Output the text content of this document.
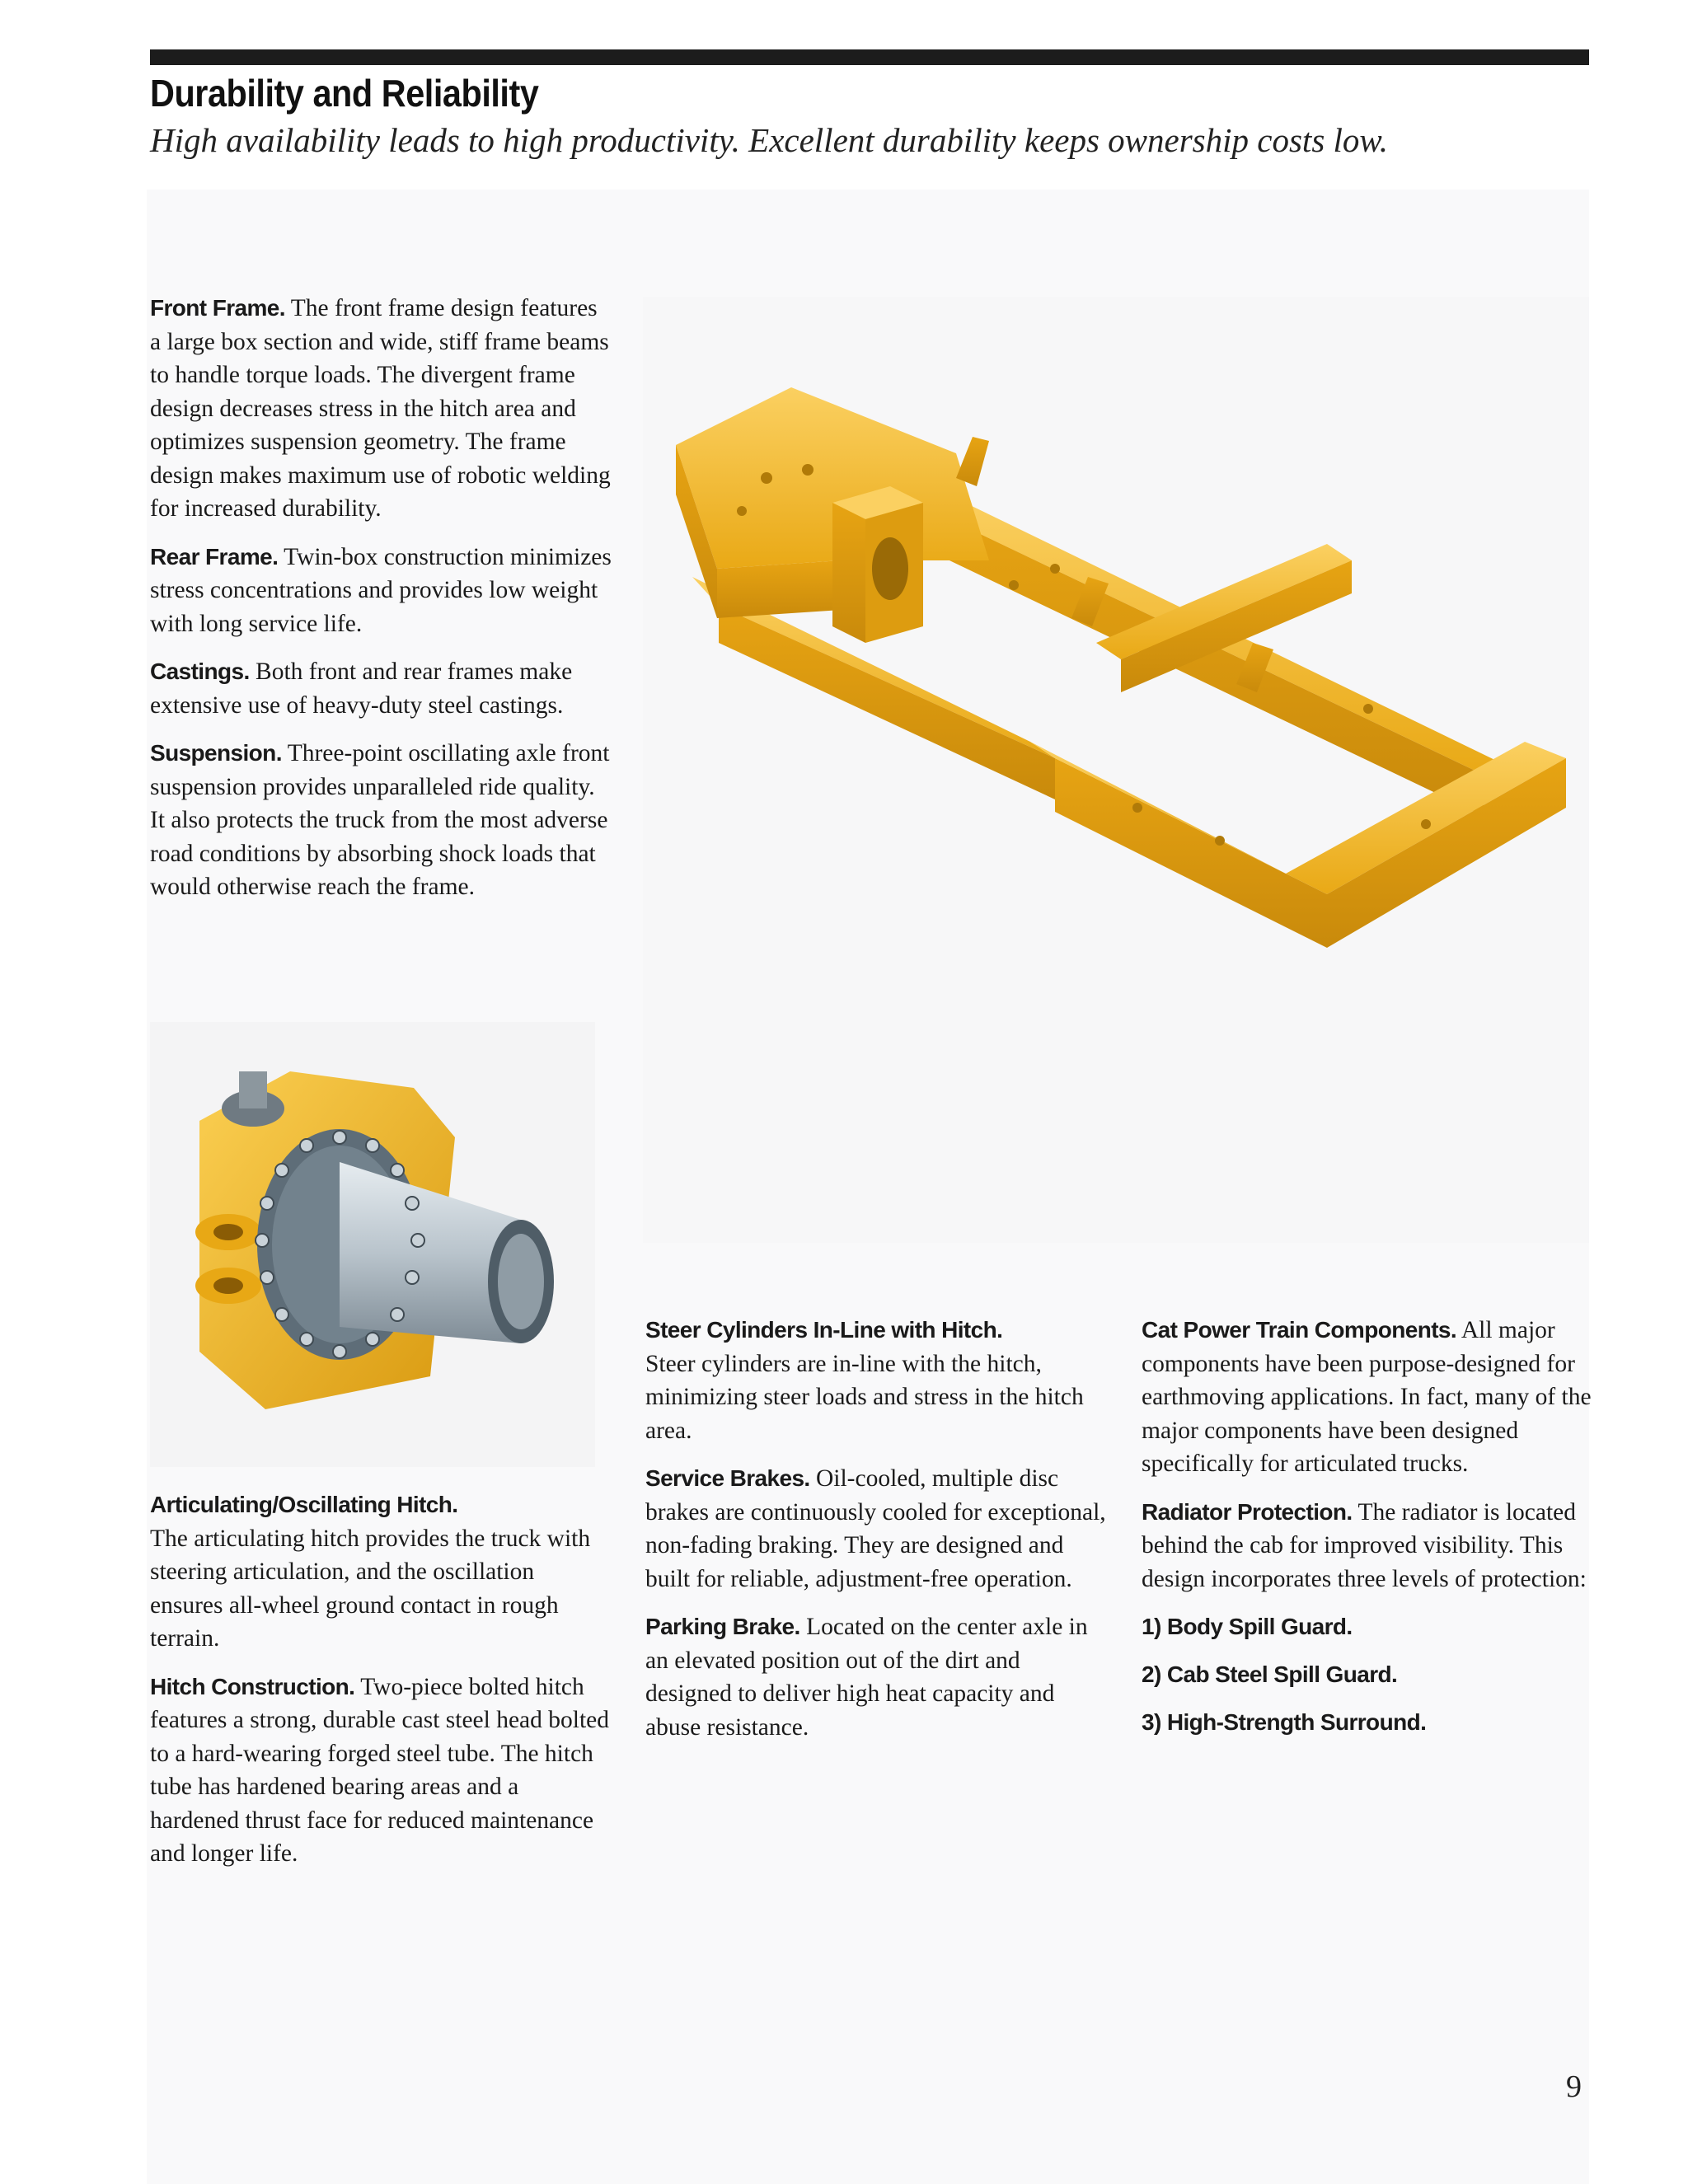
Durability and Reliability

High availability leads to high productivity. Excellent durability keeps ownership costs low.

Front Frame. The front frame design features a large box section and wide, stiff frame beams to handle torque loads. The divergent frame design decreases stress in the hitch area and optimizes suspension geometry. The frame design makes maximum use of robotic welding for increased durability.

Rear Frame. Twin-box construction minimizes stress concentrations and provides low weight with long service life.

Castings. Both front and rear frames make extensive use of heavy-duty steel castings.

Suspension. Three-point oscillating axle front suspension provides unparalleled ride quality. It also protects the truck from the most adverse road conditions by absorbing shock loads that would otherwise reach the frame.

Articulating/Oscillating Hitch.
The articulating hitch provides the truck with steering articulation, and the oscillation ensures all-wheel ground contact in rough terrain.

Hitch Construction. Two-piece bolted hitch features a strong, durable cast steel head bolted to a hard-wearing forged steel tube. The hitch tube has hardened bearing areas and a hardened thrust face for reduced maintenance and longer life.

Steer Cylinders In-Line with Hitch.
Steer cylinders are in-line with the hitch, minimizing steer loads and stress in the hitch area.

Service Brakes. Oil-cooled, multiple disc brakes are continuously cooled for exceptional, non-fading braking. They are designed and built for reliable, adjustment-free operation.

Parking Brake. Located on the center axle in an elevated position out of the dirt and designed to deliver high heat capacity and abuse resistance.

Cat Power Train Components. All major components have been purpose-designed for earthmoving applications. In fact, many of the major components have been designed specifically for articulated trucks.

Radiator Protection. The radiator is located behind the cab for improved visibility. This design incorporates three levels of protection:

1) Body Spill Guard.

2) Cab Steel Spill Guard.

3) High-Strength Surround.

9
